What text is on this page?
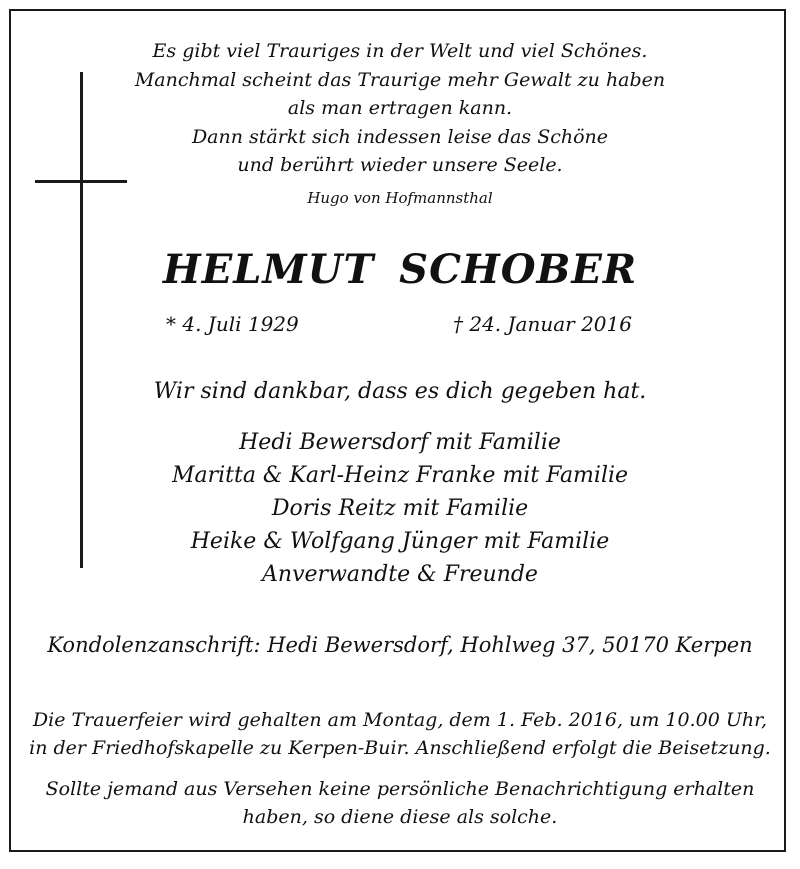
Es gibt viel Trauriges in der Welt und viel Schönes.
Manchmal scheint das Traurige mehr Gewalt zu haben
als man ertragen kann.
Dann stärkt sich indessen leise das Schöne
und berührt wieder unsere Seele.
Hugo von Hofmannsthal
HELMUT SCHOBER
* 4. Juli 1929	† 24. Januar 2016
Wir sind dankbar, dass es dich gegeben hat.
Hedi Bewersdorf mit Familie
Maritta & Karl-Heinz Franke mit Familie
Doris Reitz mit Familie
Heike & Wolfgang Jünger mit Familie
Anverwandte & Freunde
Kondolenzanschrift: Hedi Bewersdorf, Hohlweg 37, 50170 Kerpen
Die Trauerfeier wird gehalten am Montag, dem 1. Feb. 2016, um 10.00 Uhr,
in der Friedhofskapelle zu Kerpen-Buir. Anschließend erfolgt die Beisetzung.
Sollte jemand aus Versehen keine persönliche Benachrichtigung erhalten
haben, so diene diese als solche.
